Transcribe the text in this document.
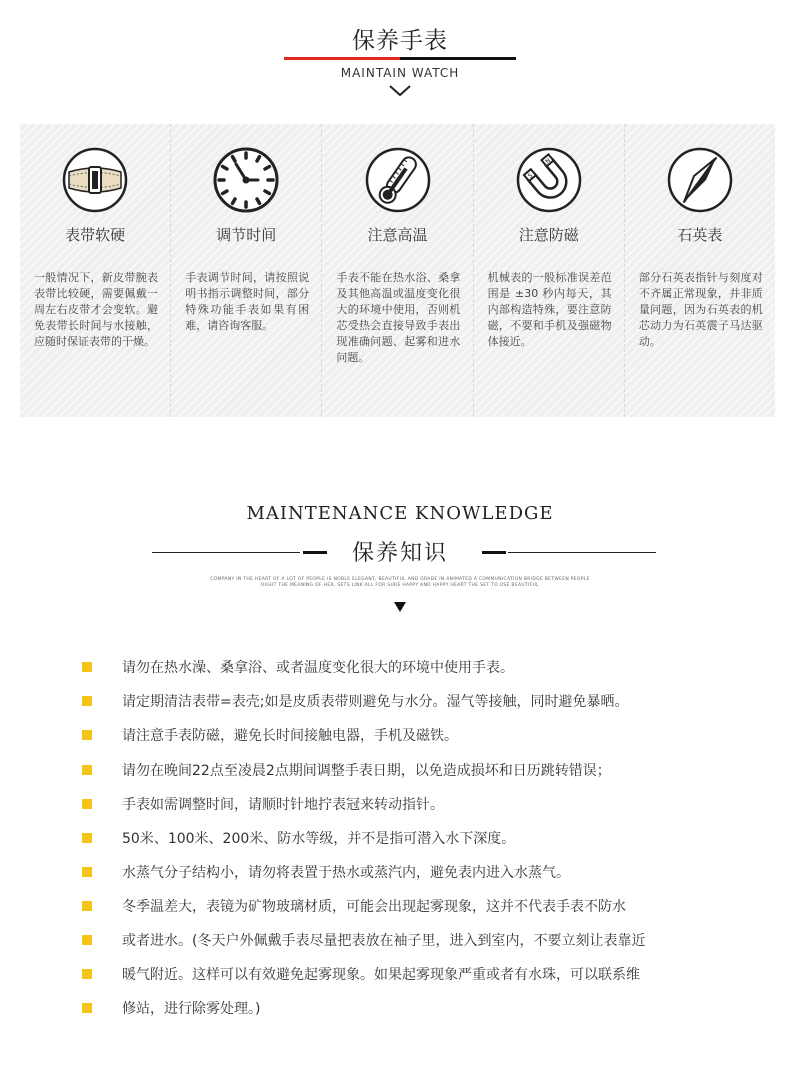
保养手表
MAINTAIN WATCH
表带软硬
一般情况下，新皮带腕表表带比较硬，需要佩戴一周左右皮带才会变软。避免表带长时间与水接触，应随时保证表带的干燥。
调节时间
手表调节时间，请按照说明书指示调整时间，部分特殊功能手表如果有困难，请咨询客服。
注意高温
手表不能在热水浴、桑拿及其他高温或温度变化很大的环境中使用，否则机芯受热会直接导致手表出现准确问题、起雾和进水问题。
S
N
注意防磁
机械表的一般标准误差范围是 ±30 秒内每天，其内部构造特殊，要注意防磁，不要和手机及强磁物体接近。
石英表
部分石英表指针与刻度对不齐属正常现象，并非质量问题，因为石英表的机芯动力为石英震子马达驱动。
MAINTENANCE KNOWLEDGE
保养知识
COMPANY IN THE HEART OF A LOT OF PEOPLE IS NOBLE ELEGANT, BEAUTIFUL AND GRADE IN ANIMATED A COMMUNICATION BRIDGE BETWEEN PEOPLE RIGHT THE MEANING OF HER, SETS LINK ALL FOR SURE HAPPY AND HAPPY HEART THE SET TO USE BEAUTIFUL
请勿在热水澡、桑拿浴、或者温度变化很大的环境中使用手表。
请定期清洁表带=表壳;如是皮质表带则避免与水分。湿气等接触，同时避免暴晒。
请注意手表防磁，避免长时间接触电器，手机及磁铁。
请勿在晚间22点至凌晨2点期间调整手表日期，以免造成损坏和日历跳转错误；
手表如需调整时间，请顺时针地拧表冠来转动指针。
50米、100米、200米、防水等级，并不是指可潜入水下深度。
水蒸气分子结构小，请勿将表置于热水或蒸汽内，避免表内进入水蒸气。
冬季温差大，表镜为矿物玻璃材质，可能会出现起雾现象，这并不代表手表不防水
或者进水。(冬天户外佩戴手表尽量把表放在袖子里，进入到室内，不要立刻让表靠近
暖气附近。这样可以有效避免起雾现象。如果起雾现象严重或者有水珠，可以联系维
修站，进行除雾处理。)
